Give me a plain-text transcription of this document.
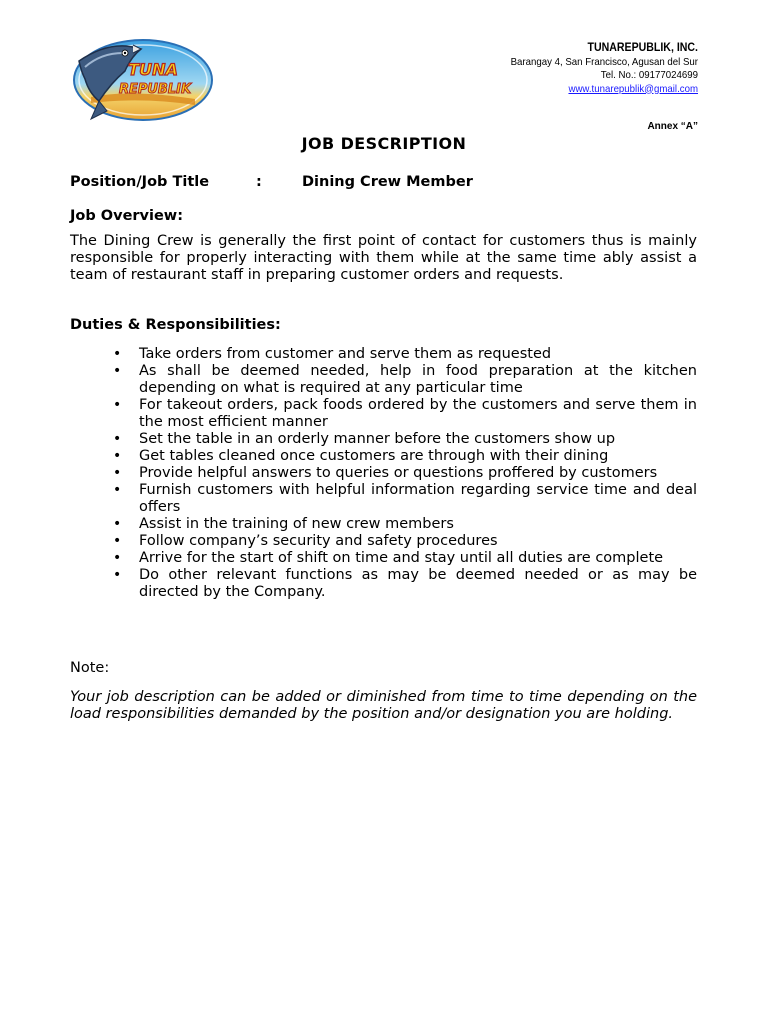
TUNA
REPUBLIK
TUNAREPUBLIK, INC.
Barangay 4, San Francisco, Agusan del Sur
Tel. No.: 09177024699
www.tunarepublik@gmail.com
Annex “A”
JOB DESCRIPTION
Position/Job Title	:	Dining Crew Member
Job Overview:
The Dining Crew is generally the first point of contact for customers thus is mainly responsible for properly interacting with them while at the same time ably assist a team of restaurant staff in preparing customer orders and requests.
Duties & Responsibilities:
• Take orders from customer and serve them as requested
• As shall be deemed needed, help in food preparation at the kitchen depending on what is required at any particular time
• For takeout orders, pack foods ordered by the customers and serve them in the most efficient manner
• Set the table in an orderly manner before the customers show up
• Get tables cleaned once customers are through with their dining
• Provide helpful answers to queries or questions proffered by customers
• Furnish customers with helpful information regarding service time and deal offers
• Assist in the training of new crew members
• Follow company’s security and safety procedures
• Arrive for the start of shift on time and stay until all duties are complete
• Do other relevant functions as may be deemed needed or as may be directed by the Company.
Note:
Your job description can be added or diminished from time to time depending on the load responsibilities demanded by the position and/or designation you are holding.
